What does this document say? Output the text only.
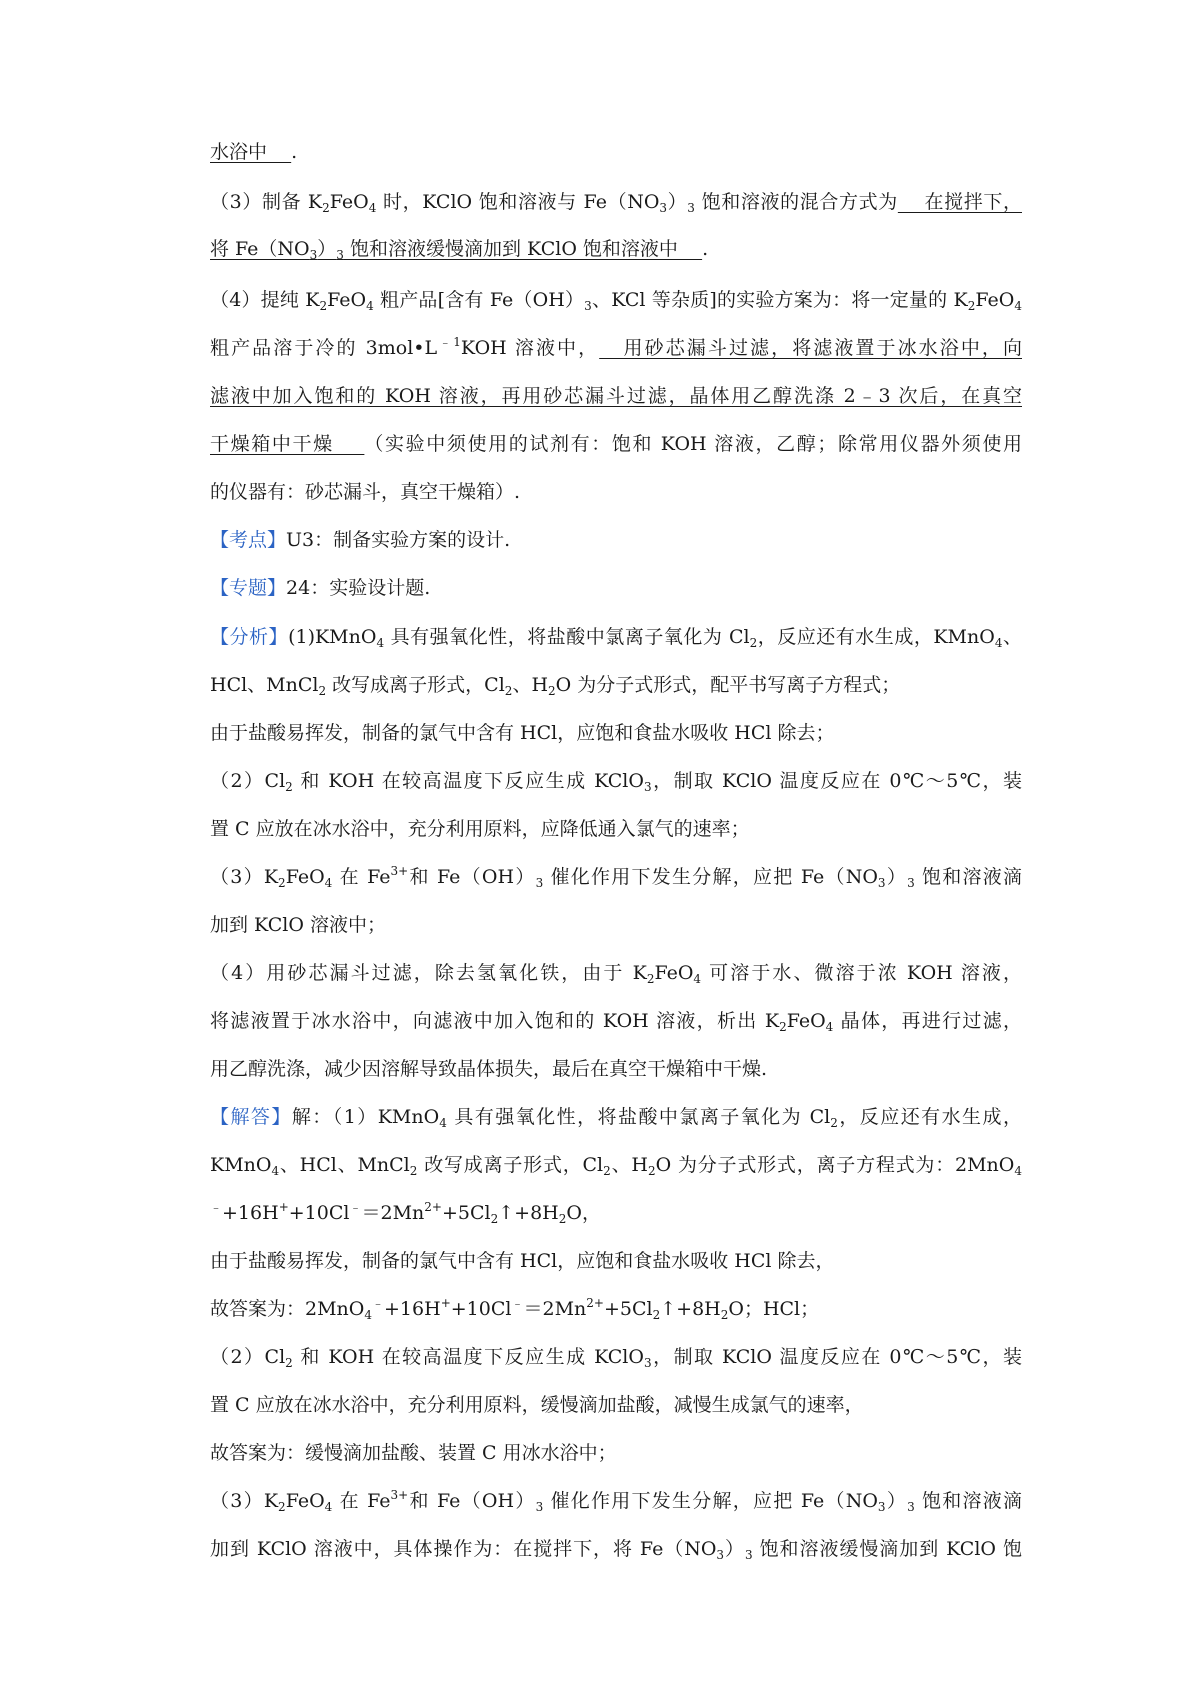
水浴中    .
（3）制备 $K_2FeO_4$ 时，KClO 饱和溶液与 $Fe(NO_3)_3$ 饱和溶液的混合方式为    在搅拌下，
将 $Fe(NO_3)_3$ 饱和溶液缓慢滴加到 KClO 饱和溶液中    .
（4）提纯 $K_2FeO_4$ 粗产品[含有 $Fe(OH)_3$、KCl 等杂质]的实验方案为：将一定量的 $K_2FeO_4$
粗产品溶于冷的 $3mol•L^{﹣1}KOH$ 溶液中，   用砂芯漏斗过滤，将滤液置于冰水浴中，向
滤液中加入饱和的 KOH 溶液，再用砂芯漏斗过滤，晶体用乙醇洗涤 2﹣3 次后，在真空
干燥箱中干燥    （实验中须使用的试剂有：饱和 KOH 溶液，乙醇；除常用仪器外须使用
的仪器有：砂芯漏斗，真空干燥箱）.
【考点】U3：制备实验方案的设计.
【专题】24：实验设计题.
【分析】(1)KMnO$_4$ 具有强氧化性，将盐酸中氯离子氧化为 $Cl_2$，反应还有水生成，KMnO$_4$、
HCl、MnCl$_2$ 改写成离子形式，$Cl_2$、$H_2O$ 为分子式形式，配平书写离子方程式；
由于盐酸易挥发，制备的氯气中含有 HCl，应饱和食盐水吸收 HCl 除去；
$(2)Cl_2$ 和 KOH 在较高温度下反应生成 KClO$_3$，制取 KClO 温度反应在 0℃～5℃，装
置 C 应放在冰水浴中，充分利用原料，应降低通入氯气的速率；
$(3)K_2FeO_4$ 在 $Fe^{3+}$和 $Fe(OH)_3$ 催化作用下发生分解，应把 $Fe(NO_3)_3$ 饱和溶液滴
加到 KClO 溶液中；
（4）用砂芯漏斗过滤，除去氢氧化铁，由于 $K_2FeO_4$ 可溶于水、微溶于浓 KOH 溶液，
将滤液置于冰水浴中，向滤液中加入饱和的 KOH 溶液，析出 $K_2FeO_4$ 晶体，再进行过滤，
用乙醇洗涤，减少因溶解导致晶体损失，最后在真空干燥箱中干燥.
【解答】解：（1）KMnO$_4$ 具有强氧化性，将盐酸中氯离子氧化为 $Cl_2$，反应还有水生成，
KMnO$_4$、HCl、MnCl$_2$ 改写成离子形式，$Cl_2$、$H_2O$ 为分子式形式，离子方程式为：2MnO$_4$
$^﹣+16H^++10Cl^﹣=2Mn^{2+}+5Cl_2↑+8H_2O$，
由于盐酸易挥发，制备的氯气中含有 HCl，应饱和食盐水吸收 HCl 除去，
故答案为：$2MnO_4^﹣+16H^++10Cl^﹣=2Mn^{2+}+5Cl_2↑+8H_2O$；HCl；
$(2)Cl_2$ 和 KOH 在较高温度下反应生成 KClO$_3$，制取 KClO 温度反应在 0℃～5℃，装
置 C 应放在冰水浴中，充分利用原料，缓慢滴加盐酸，减慢生成氯气的速率，
故答案为：缓慢滴加盐酸、装置 C 用冰水浴中；
$(3)K_2FeO_4$ 在 $Fe^{3+}$和 $Fe(OH)_3$ 催化作用下发生分解，应把 $Fe(NO_3)_3$ 饱和溶液滴
加到 KClO 溶液中，具体操作为：在搅拌下，将 $Fe(NO_3)_3$ 饱和溶液缓慢滴加到 KClO 饱
